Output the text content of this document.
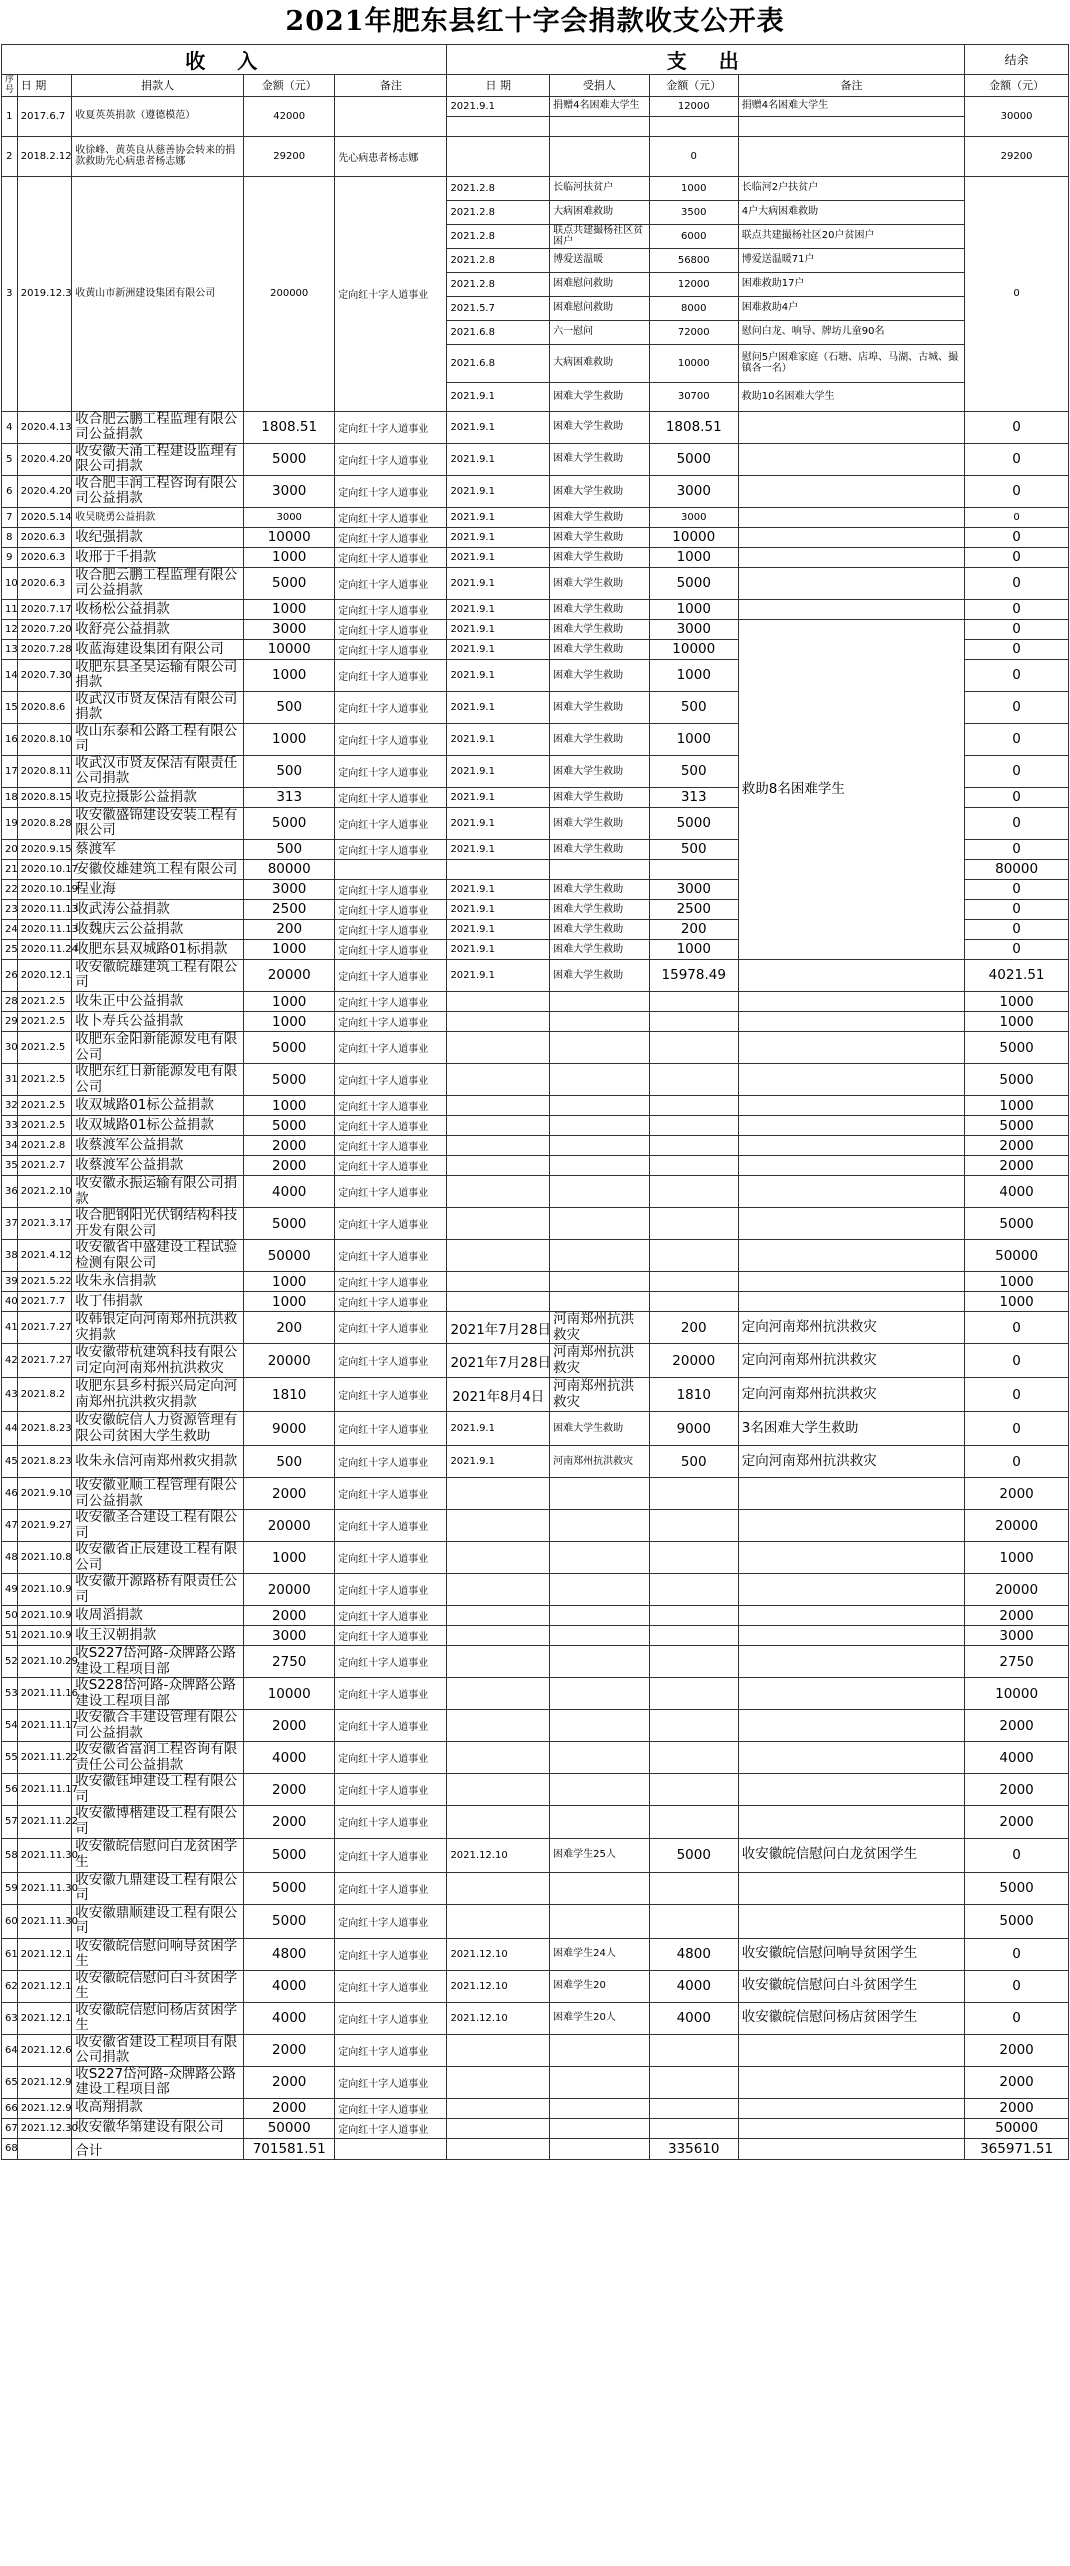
2021年肥东县红十字会捐款收支公开表
收　入					支　出				结余
序号	日 期	捐款人	金额（元）	备注	日 期	受捐人	金额（元）	备注	金额（元）
1	2017.6.7	收夏英英捐款（遵德模范）	42000		2021.9.1	捐赠4名困难大学生	12000	捐赠4名困难大学生	30000

2	2018.2.12	收徐峰、黄英良从慈善协会转来的捐款救助先心病患者杨志娜	29200	先心病患者杨志娜			0		29200
3	2019.12.3	收黄山市新洲建设集团有限公司	200000	定向红十字人道事业	2021.2.8	长临河扶贫户	1000	长临河2户扶贫户	0
					2021.2.8	大病困难救助	3500	4户大病困难救助	
					2021.2.8	联点共建撮杨社区贫困户	6000	联点共建撮杨社区20户贫困户	
					2021.2.8	博爱送温暖	56800	博爱送温暖71户	
					2021.2.8	困难慰问救助	12000	困难救助17户	
					2021.5.7	困难慰问救助	8000	困难救助4户	
					2021.6.8	六一慰问	72000	慰问白龙、响导、牌坊儿童90名	
					2021.6.8	大病困难救助	10000	慰问5户困难家庭（石塘、店埠、马湖、古城、撮镇各一名）	
					2021.9.1	困难大学生救助	30700	救助10名困难大学生	
4	2020.4.13	收合肥云鹏工程监理有限公司公益捐款	1808.51	定向红十字人道事业	2021.9.1	困难大学生救助	1808.51		0
5	2020.4.20	收安徽天涌工程建设监理有限公司捐款	5000	定向红十字人道事业	2021.9.1	困难大学生救助	5000		0
6	2020.4.20	收合肥丰润工程咨询有限公司公益捐款	3000	定向红十字人道事业	2021.9.1	困难大学生救助	3000		0
7	2020.5.14	收吴晓勇公益捐款	3000	定向红十字人道事业	2021.9.1	困难大学生救助	3000		0
8	2020.6.3	收纪强捐款	10000	定向红十字人道事业	2021.9.1	困难大学生救助	10000		0
9	2020.6.3	收邢于千捐款	1000	定向红十字人道事业	2021.9.1	困难大学生救助	1000		0
10	2020.6.3	收合肥云鹏工程监理有限公司公益捐款	5000	定向红十字人道事业	2021.9.1	困难大学生救助	5000		0
11	2020.7.17	收杨松公益捐款	1000	定向红十字人道事业	2021.9.1	困难大学生救助	1000		0
12	2020.7.20	收舒亮公益捐款	3000	定向红十字人道事业	2021.9.1	困难大学生救助	3000	救助8名困难学生	0
13	2020.7.28	收蓝海建设集团有限公司	10000	定向红十字人道事业	2021.9.1	困难大学生救助	10000		0
14	2020.7.30	收肥东县圣昊运输有限公司捐款	1000	定向红十字人道事业	2021.9.1	困难大学生救助	1000		0
15	2020.8.6	收武汉市贤友保洁有限公司捐款	500	定向红十字人道事业	2021.9.1	困难大学生救助	500		0
16	2020.8.10	收山东泰和公路工程有限公司	1000	定向红十字人道事业	2021.9.1	困难大学生救助	1000		0
17	2020.8.11	收武汉市贤友保洁有限责任公司捐款	500	定向红十字人道事业	2021.9.1	困难大学生救助	500		0
18	2020.8.15	收克拉摄影公益捐款	313	定向红十字人道事业	2021.9.1	困难大学生救助	313		0
19	2020.8.28	收安徽盛锦建设安装工程有限公司	5000	定向红十字人道事业	2021.9.1	困难大学生救助	5000		0
20	2020.9.15	蔡渡军	500	定向红十字人道事业	2021.9.1	困难大学生救助	500		0
21	2020.10.17	安徽佼雄建筑工程有限公司	80000						80000
22	2020.10.19	程业海	3000	定向红十字人道事业	2021.9.1	困难大学生救助	3000		0
23	2020.11.13	收武涛公益捐款	2500	定向红十字人道事业	2021.9.1	困难大学生救助	2500		0
24	2020.11.13	收魏庆云公益捐款	200	定向红十字人道事业	2021.9.1	困难大学生救助	200		0
25	2020.11.24	收肥东县双城路01标捐款	1000	定向红十字人道事业	2021.9.1	困难大学生救助	1000		0
26	2020.12.1	收安徽皖雄建筑工程有限公司	20000	定向红十字人道事业	2021.9.1	困难大学生救助	15978.49		4021.51
28	2021.2.5	收朱正中公益捐款	1000	定向红十字人道事业					1000
29	2021.2.5	收卜寿兵公益捐款	1000	定向红十字人道事业					1000
30	2021.2.5	收肥东金阳新能源发电有限公司	5000	定向红十字人道事业					5000
31	2021.2.5	收肥东红日新能源发电有限公司	5000	定向红十字人道事业					5000
32	2021.2.5	收双城路01标公益捐款	1000	定向红十字人道事业					1000
33	2021.2.5	收双城路01标公益捐款	5000	定向红十字人道事业					5000
34	2021.2.8	收蔡渡军公益捐款	2000	定向红十字人道事业					2000
35	2021.2.7	收蔡渡军公益捐款	2000	定向红十字人道事业					2000
36	2021.2.10	收安徽永振运输有限公司捐款	4000	定向红十字人道事业					4000
37	2021.3.17	收合肥钢阳光伏钢结构科技开发有限公司	5000	定向红十字人道事业					5000
38	2021.4.12	收安徽省中盛建设工程试验检测有限公司	50000	定向红十字人道事业					50000
39	2021.5.22	收朱永信捐款	1000	定向红十字人道事业					1000
40	2021.7.7	收丁伟捐款	1000	定向红十字人道事业					1000
41	2021.7.27	收韩银定向河南郑州抗洪救灾捐款	200	定向红十字人道事业	2021年7月28日	河南郑州抗洪救灾	200	定向河南郑州抗洪救灾	0
42	2021.7.27	收安徽带杭建筑科技有限公司定向河南郑州抗洪救灾	20000	定向红十字人道事业	2021年7月28日	河南郑州抗洪救灾	20000	定向河南郑州抗洪救灾	0
43	2021.8.2	收肥东县乡村振兴局定向河南郑州抗洪救灾捐款	1810	定向红十字人道事业	2021年8月4日	河南郑州抗洪救灾	1810	定向河南郑州抗洪救灾	0
44	2021.8.23	收安徽皖信人力资源管理有限公司贫困大学生救助	9000	定向红十字人道事业	2021.9.1	困难大学生救助	9000	3名困难大学生救助	0
45	2021.8.23	收朱永信河南郑州救灾捐款	500	定向红十字人道事业	2021.9.1	河南郑州抗洪救灾	500	定向河南郑州抗洪救灾	0
46	2021.9.10	收安徽亚顺工程管理有限公司公益捐款	2000	定向红十字人道事业					2000
47	2021.9.27	收安徽圣合建设工程有限公司	20000	定向红十字人道事业					20000
48	2021.10.8	收安徽省正辰建设工程有限公司	1000	定向红十字人道事业					1000
49	2021.10.9	收安徽开源路桥有限责任公司	20000	定向红十字人道事业					20000
50	2021.10.9	收周滔捐款	2000	定向红十字人道事业					2000
51	2021.10.9	收王汉朝捐款	3000	定向红十字人道事业					3000
52	2021.10.29	收S227岱河路-众牌路公路建设工程项目部	2750	定向红十字人道事业					2750
53	2021.11.16	收S228岱河路-众牌路公路建设工程项目部	10000	定向红十字人道事业					10000
54	2021.11.17	收安徽合丰建设管理有限公司公益捐款	2000	定向红十字人道事业					2000
55	2021.11.22	收安徽省富润工程咨询有限责任公司公益捐款	4000	定向红十字人道事业					4000
56	2021.11.17	收安徽钰坤建设工程有限公司	2000	定向红十字人道事业					2000
57	2021.11.22	收安徽博楷建设工程有限公司	2000	定向红十字人道事业					2000
58	2021.11.30	收安徽皖信慰问白龙贫困学生	5000	定向红十字人道事业	2021.12.10	困难学生25人	5000	收安徽皖信慰问白龙贫困学生	0
59	2021.11.30	收安徽九鼎建设工程有限公司	5000	定向红十字人道事业					5000
60	2021.11.30	收安徽鼎顺建设工程有限公司	5000	定向红十字人道事业					5000
61	2021.12.1	收安徽皖信慰问响导贫困学生	4800	定向红十字人道事业	2021.12.10	困难学生24人	4800	收安徽皖信慰问响导贫困学生	0
62	2021.12.1	收安徽皖信慰问白斗贫困学生	4000	定向红十字人道事业	2021.12.10	困难学生20	4000	收安徽皖信慰问白斗贫困学生	0
63	2021.12.1	收安徽皖信慰问杨店贫困学生	4000	定向红十字人道事业	2021.12.10	困难学生20人	4000	收安徽皖信慰问杨店贫困学生	0
64	2021.12.6	收安徽省建设工程项目有限公司捐款	2000	定向红十字人道事业					2000
65	2021.12.9	收S227岱河路-众牌路公路建设工程项目部	2000	定向红十字人道事业					2000
66	2021.12.9	收高翔捐款	2000	定向红十字人道事业					2000
67	2021.12.30	收安徽华第建设有限公司	50000	定向红十字人道事业					50000
68		合计	701581.51				335610		365971.51
